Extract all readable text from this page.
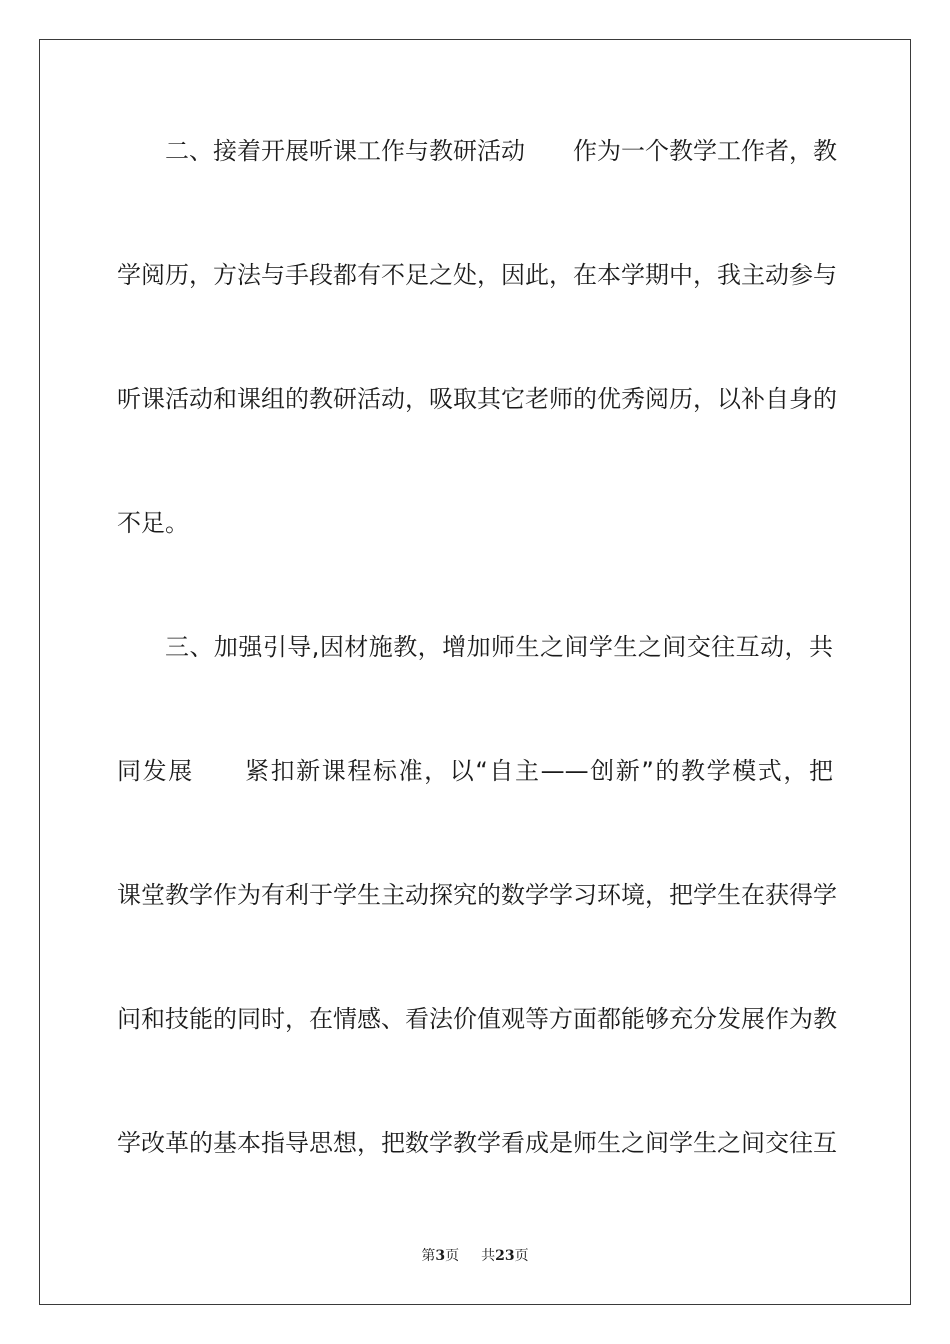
二、接着开展听课工作与教研活动　　作为一个教学工作者，教
学阅历，方法与手段都有不足之处，因此，在本学期中，我主动参与
听课活动和课组的教研活动，吸取其它老师的优秀阅历，以补自身的
不足。
三、加强引导,因材施教，增加师生之间学生之间交往互动，共
同发展　　紧扣新课程标准，以“自主——创新”的教学模式，把
课堂教学作为有利于学生主动探究的数学学习环境，把学生在获得学
问和技能的同时，在情感、看法价值观等方面都能够充分发展作为教
学改革的基本指导思想，把数学教学看成是师生之间学生之间交往互
第3页 共23页
